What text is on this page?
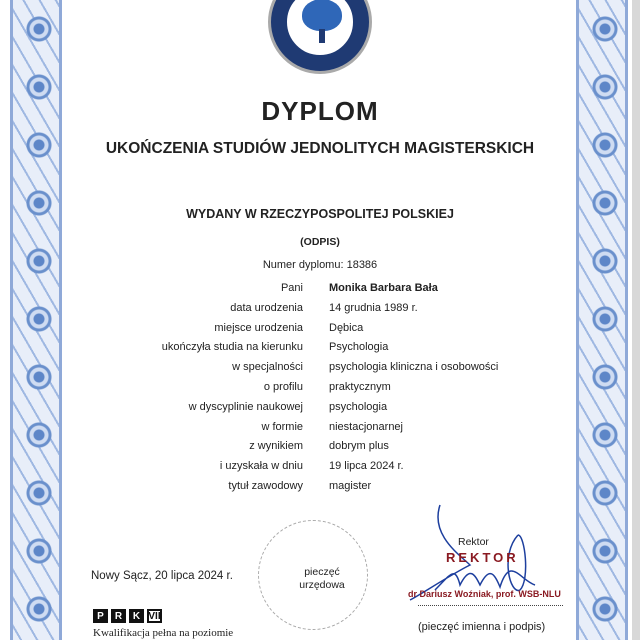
DYPLOM
UKOŃCZENIA STUDIÓW JEDNOLITYCH MAGISTERSKICH
WYDANY W RZECZYPOSPOLITEJ POLSKIEJ
(ODPIS)
Numer dyplomu: 18386
Pani Monika Barbara Bała
data urodzenia 14 grudnia 1989 r.
miejsce urodzenia Dębica
ukończyła studia na kierunku Psychologia
w specjalności psychologia kliniczna i osobowości
o profilu praktycznym
w dyscyplinie naukowej psychologia
w formie niestacjonarnej
z wynikiem dobrym plus
i uzyskała w dniu 19 lipca 2024 r.
tytuł zawodowy magister
Nowy Sącz, 20 lipca 2024 r.	pieczęć urzędowa
P	R	K VII
Kwalifikacja pełna na poziomie
Rektor
REKTOR
dr Dariusz Woźniak, prof. WSB-NLU
(pieczęć imienna i podpis)
